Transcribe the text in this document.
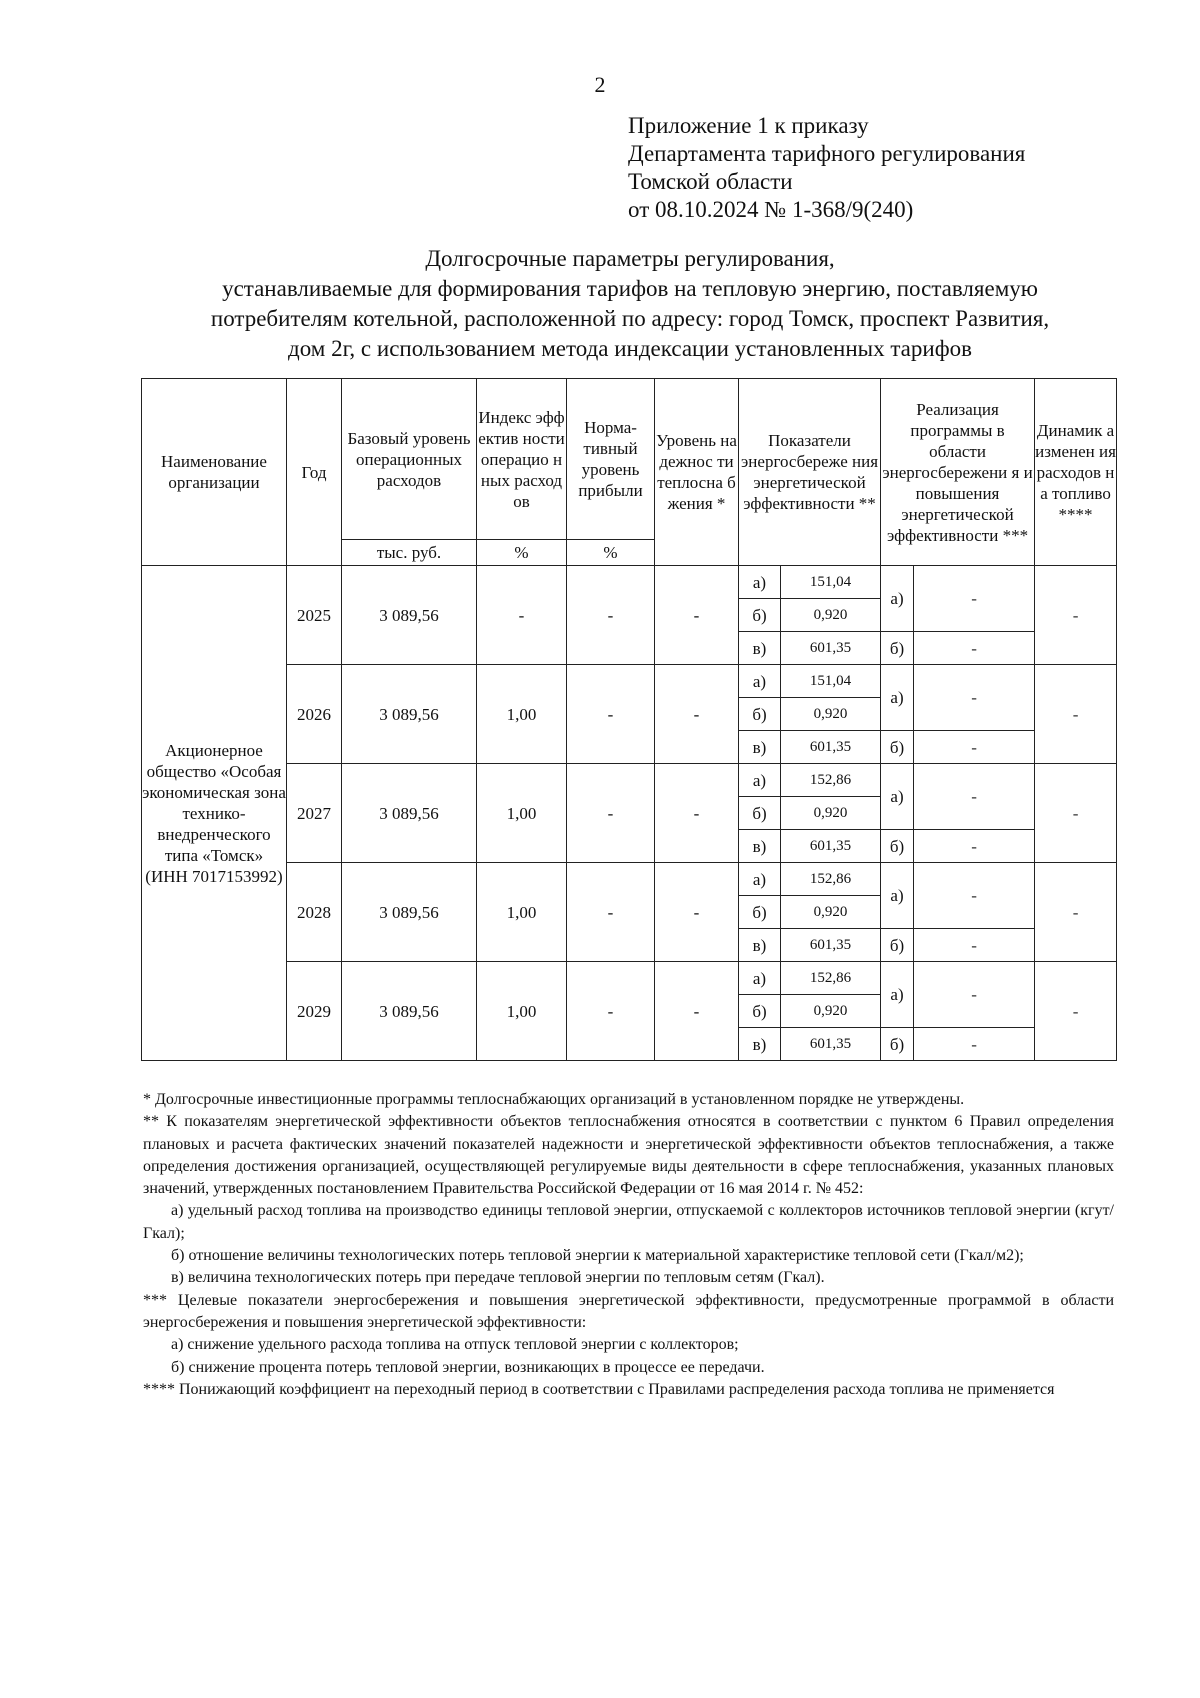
2
Приложение 1 к приказу
Департамента тарифного регулирования
Томской области
от 08.10.2024 № 1-368/9(240)
Долгосрочные параметры регулирования,
устанавливаемые для формирования тарифов на тепловую энергию, поставляемую
потребителям котельной, расположенной по адресу: город Томск, проспект Развития,
дом 2г, с использованием метода индексации установленных тарифов
Наименование организации	Год	Базовый уровень операционных расходов	Индекс эффектив ности операцио нных расходов	Норма-тивный уровень прибыли	Уровень надежнос ти теплосна бжения *	Показатели энергосбереже ния энергетической эффективности **		Реализация программы в области энергосбережени я и повышения энергетической эффективности ***		Динамик а изменен ия расходов на топливо ****
		тыс. руб.	%	%						
Акционерное общество «Особая экономическая зона технико-внедренческого типа «Томск» (ИНН 7017153992)	2025	3 089,56	-	-	-	а)	151,04	а)	-	-
						б)	0,920			
						в)	601,35	б)	-	
	2026	3 089,56	1,00	-	-	а)	151,04	а)	-	-
						б)	0,920			
						в)	601,35	б)	-	
	2027	3 089,56	1,00	-	-	а)	152,86	а)	-	-
						б)	0,920			
						в)	601,35	б)	-	
	2028	3 089,56	1,00	-	-	а)	152,86	а)	-	-
						б)	0,920			
						в)	601,35	б)	-	
	2029	3 089,56	1,00	-	-	а)	152,86	а)	-	-
						б)	0,920			
						в)	601,35	б)	-	

* Долгосрочные инвестиционные программы теплоснабжающих организаций в установленном порядке не утверждены.

** К показателям энергетической эффективности объектов теплоснабжения относятся в соответствии с пунктом 6 Правил определения плановых и расчета фактических значений показателей надежности и энергетической эффективности объектов теплоснабжения, а также определения достижения организацией, осуществляющей регулируемые виды деятельности в сфере теплоснабжения, указанных плановых значений, утвержденных постановлением Правительства Российской Федерации от 16 мая 2014 г. № 452:

а) удельный расход топлива на производство единицы тепловой энергии, отпускаемой с коллекторов источников тепловой энергии (кгут/Гкал);

б) отношение величины технологических потерь тепловой энергии к материальной характеристике тепловой сети (Гкал/м2);

в) величина технологических потерь при передаче тепловой энергии по тепловым сетям (Гкал).

*** Целевые показатели энергосбережения и повышения энергетической эффективности, предусмотренные программой в области энергосбережения и повышения энергетической эффективности:

а) снижение удельного расхода топлива на отпуск тепловой энергии с коллекторов;

б) снижение процента потерь тепловой энергии, возникающих в процессе ее передачи.

**** Понижающий коэффициент на переходный период в соответствии с Правилами распределения расхода топлива не применяется
